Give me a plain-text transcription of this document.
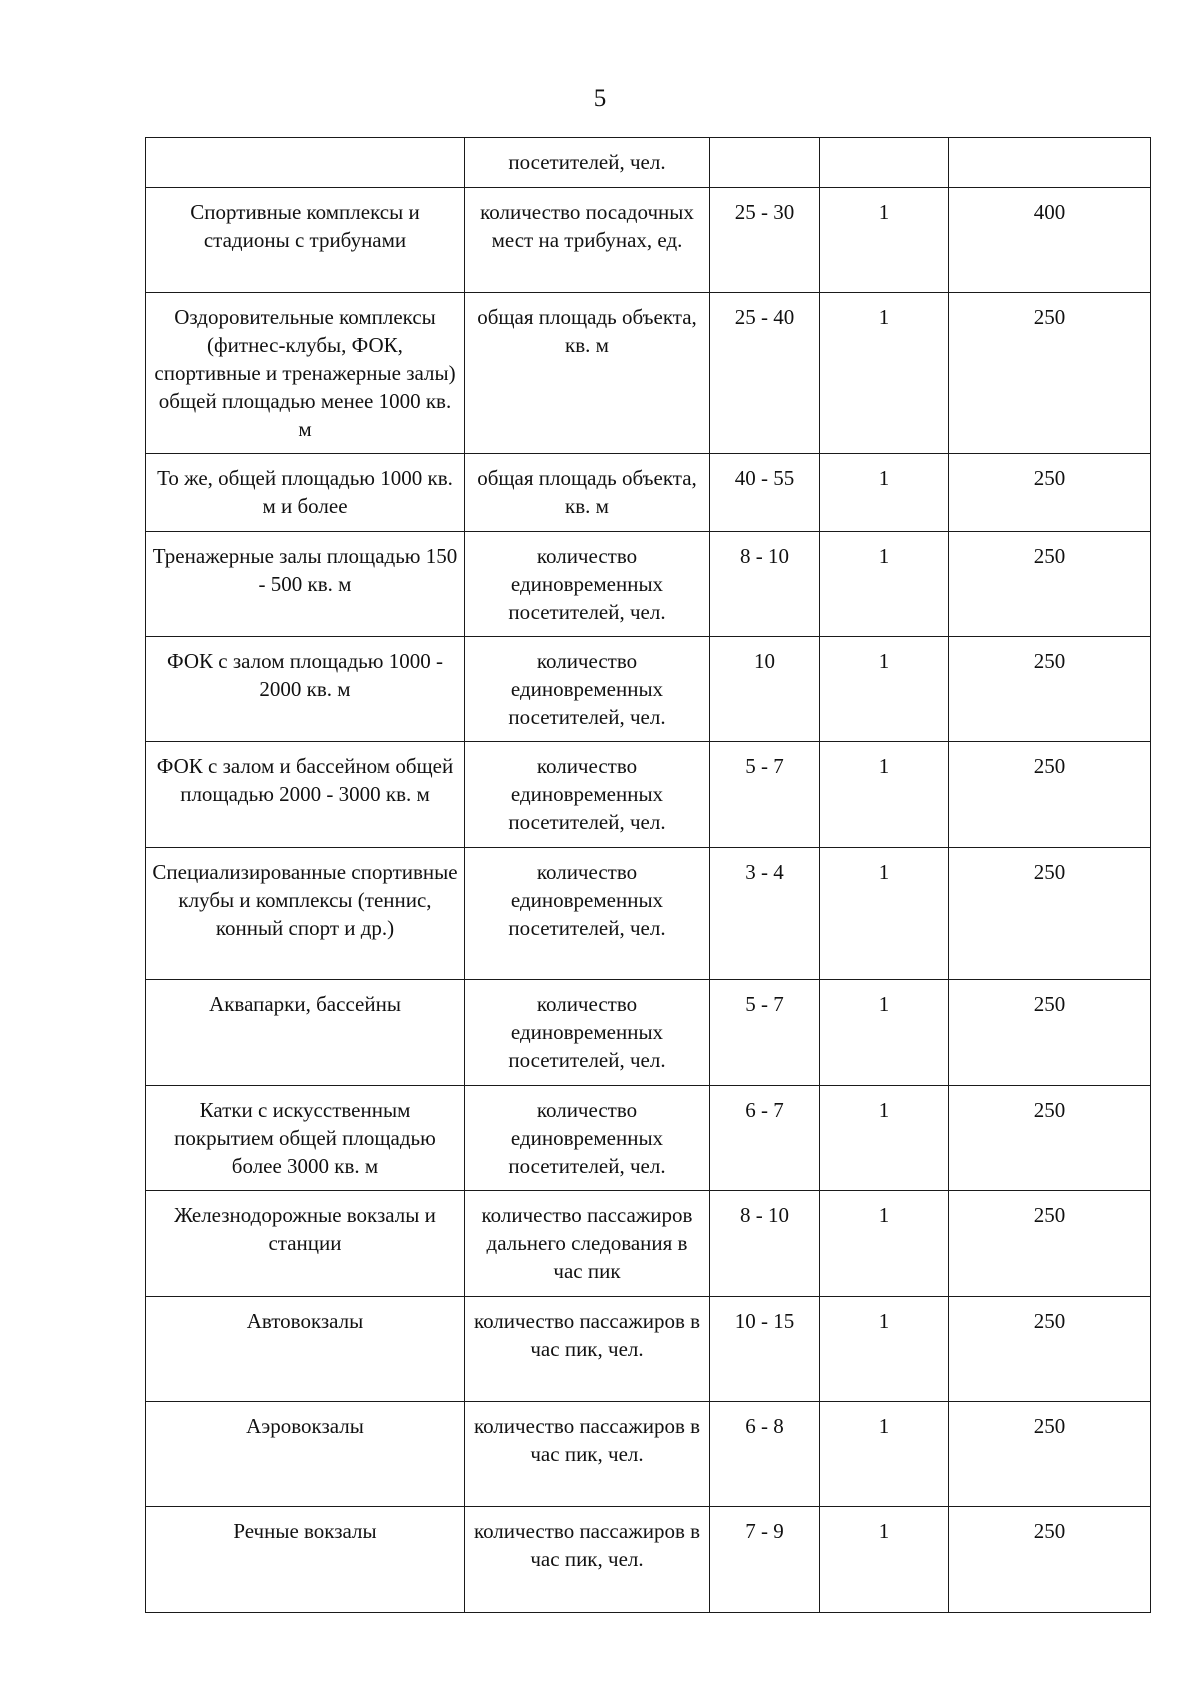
5
	посетителей, чел.			
Спортивные комплексы и стадионы с трибунами	количество посадочных мест на трибунах, ед.	25 - 30	1	400
Оздоровительные комплексы (фитнес-клубы, ФОК, спортивные и тренажерные залы) общей площадью менее 1000 кв. м	общая площадь объекта, кв. м	25 - 40	1	250
То же, общей площадью 1000 кв. м и более	общая площадь объекта, кв. м	40 - 55	1	250
Тренажерные залы площадью 150 - 500 кв. м	количество единовременных посетителей, чел.	8 - 10	1	250
ФОК с залом площадью 1000 - 2000 кв. м	количество единовременных посетителей, чел.	10	1	250
ФОК с залом и бассейном общей площадью 2000 - 3000 кв. м	количество единовременных посетителей, чел.	5 - 7	1	250
Специализированные спортивные клубы и комплексы (теннис, конный спорт и др.)	количество единовременных посетителей, чел.	3 - 4	1	250
Аквапарки, бассейны	количество единовременных посетителей, чел.	5 - 7	1	250
Катки с искусственным покрытием общей площадью более 3000 кв. м	количество единовременных посетителей, чел.	6 - 7	1	250
Железнодорожные вокзалы и станции	количество пассажиров дальнего следования в час пик	8 - 10	1	250
Автовокзалы	количество пассажиров в час пик, чел.	10 - 15	1	250
Аэровокзалы	количество пассажиров в час пик, чел.	6 - 8	1	250
Речные вокзалы	количество пассажиров в час пик, чел.	7 - 9	1	250
